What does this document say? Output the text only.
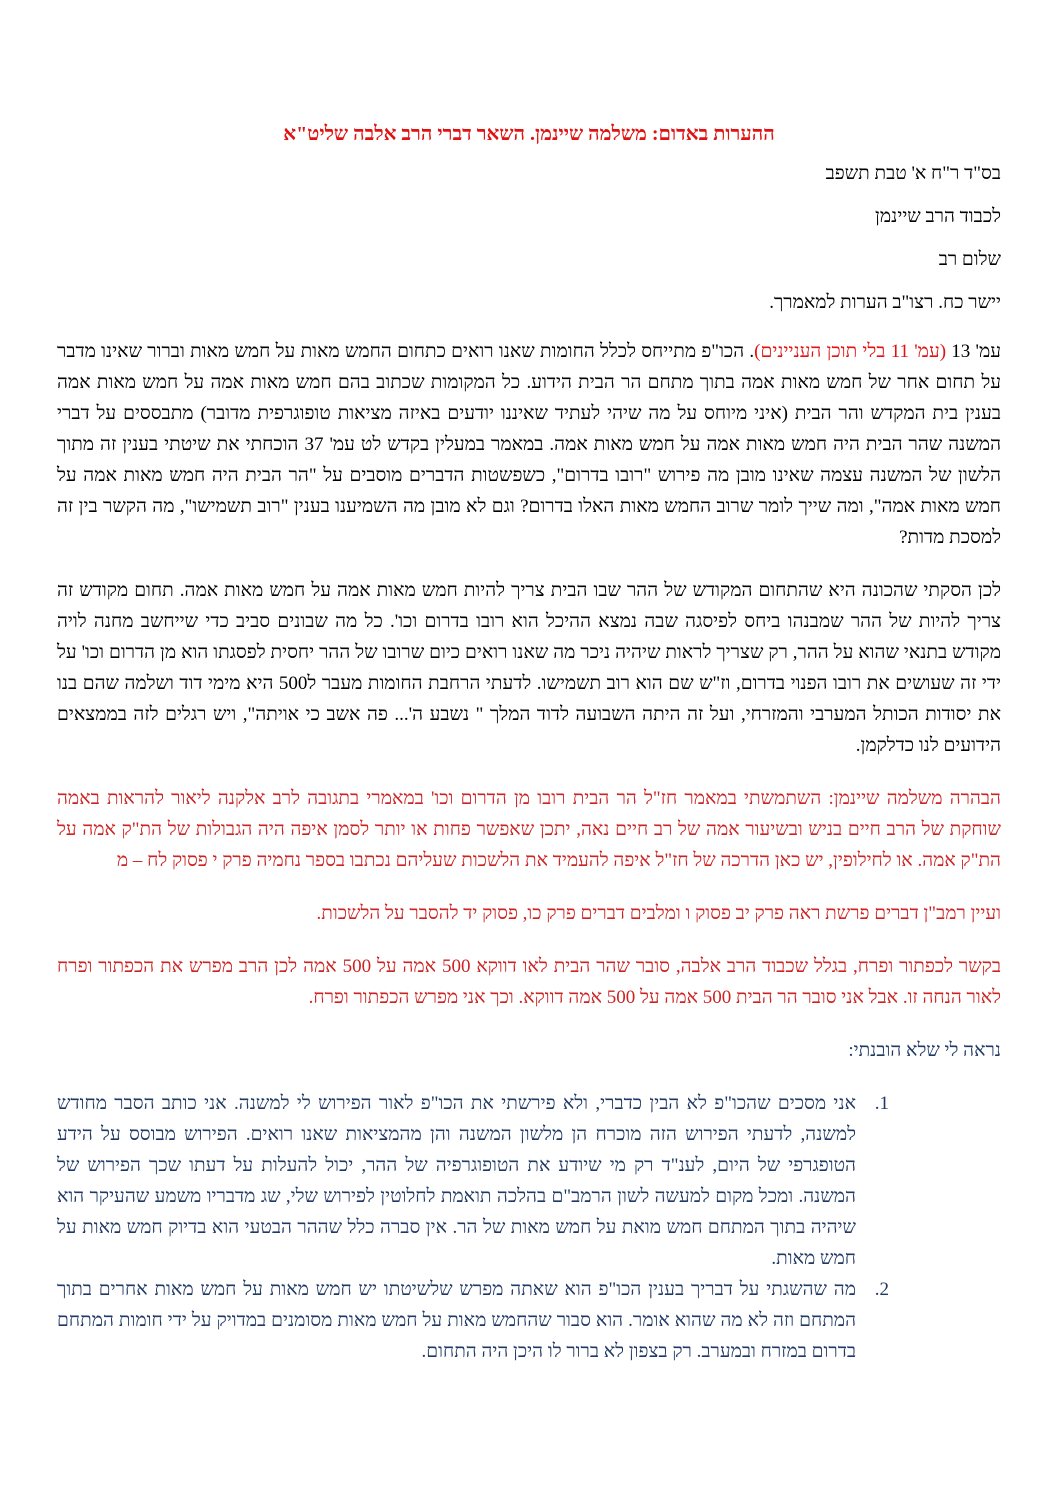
ההערות באדום: משלמה שיינמן. השאר דברי הרב אלבה שליט"א

בס"ד ר"ח א' טבת תשפב

לכבוד הרב שיינמן

שלום רב

יישר כח. רצו"ב הערות למאמרך.

עמ' 13 (עמ' 11 בלי תוכן העניינים). הכו"פ מתייחס לכלל החומות שאנו רואים כתחום החמש מאות על חמש מאות וברור שאינו מדבר על תחום אחר של חמש מאות אמה בתוך מתחם הר הבית הידוע. כל המקומות שכתוב בהם חמש מאות אמה על חמש מאות אמה בענין בית המקדש והר הבית (איני מיוחס על מה שיהי לעתיד שאיננו יודעים באיזה מציאות טופוגרפית מדובר) מתבססים על דברי המשנה שהר הבית היה חמש מאות אמה על חמש מאות אמה. במאמר במעלין בקדש לט עמ' 37 הוכחתי את שיטתי בענין זה מתוך הלשון של המשנה עצמה שאינו מובן מה פירוש "רובו בדרום", כשפשטות הדברים מוסבים על "הר הבית היה חמש מאות אמה על חמש מאות אמה", ומה שייך לומר שרוב החמש מאות האלו בדרום? וגם לא מובן מה השמיענו בענין "רוב תשמישו", מה הקשר בין זה למסכת מדות?

לכן הסקתי שהכונה היא שהתחום המקודש של ההר שבו הבית צריך להיות חמש מאות אמה על חמש מאות אמה. תחום מקודש זה צריך להיות של ההר שמבנהו ביחס לפיסגה שבה נמצא ההיכל הוא רובו בדרום וכו'. כל מה שבונים סביב כדי שייחשב מחנה לויה מקודש בתנאי שהוא על ההר, רק שצריך לראות שיהיה ניכר מה שאנו רואים כיום שרובו של ההר יחסית לפסגתו הוא מן הדרום וכו' על ידי זה שעושים את רובו הפנוי בדרום, וז"ש שם הוא רוב תשמישו. לדעתי הרחבת החומות מעבר ל500 היא מימי דוד ושלמה שהם בנו את יסודות הכותל המערבי והמזרחי, ועל זה היתה השבועה לדוד המלך " נשבע ה'... פה אשב כי אויתה", ויש רגלים לזה בממצאים הידועים לנו כדלקמן.

הבהרה משלמה שיינמן: השתמשתי במאמר חז"ל הר הבית רובו מן הדרום וכו' במאמרי בתגובה לרב אלקנה ליאור להראות באמה שוחקת של הרב חיים בניש ובשיעור אמה של רב חיים נאה, יתכן שאפשר פחות או יותר לסמן איפה היה הגבולות של הת"ק אמה על הת"ק אמה. או לחילופין, יש כאן הדרכה של חז"ל איפה להעמיד את הלשכות שעליהם נכתבו בספר נחמיה פרק י פסוק לח – מ

ועיין רמב"ן דברים פרשת ראה פרק יב פסוק ו ומלבים דברים פרק כו, פסוק יד להסבר על הלשכות.

בקשר לכפתור ופרח, בגלל שכבוד הרב אלבה, סובר שהר הבית לאו דווקא 500 אמה על 500 אמה לכן הרב מפרש את הכפתור ופרח לאור הנחה זו. אבל אני סובר הר הבית 500 אמה על 500 אמה דווקא. וכך אני מפרש הכפתור ופרח.

נראה לי שלא הובנתי:

1.
אני מסכים שהכו"פ לא הבין כדברי, ולא פירשתי את הכו"פ לאור הפירוש לי למשנה. אני כותב הסבר מחודש למשנה, לדעתי הפירוש הזה מוכרח הן מלשון המשנה והן מהמציאות שאנו רואים. הפירוש מבוסס על הידע הטופגרפי של היום, לענ"ד רק מי שיודע את הטופוגרפיה של ההר, יכול להעלות על דעתו שכך הפירוש של המשנה. ומכל מקום למעשה לשון הרמב"ם בהלכה תואמת לחלוטין לפירוש שלי, שג מדבריו משמע שהעיקר הוא שיהיה בתוך המתחם חמש מואת על חמש מאות של הר. אין סברה כלל שההר הבטעי הוא בדיוק חמש מאות על חמש מאות.
2.
מה שהשגתי על דבריך בענין הכו"פ הוא שאתה מפרש שלשיטתו יש חמש מאות על חמש מאות אחרים בתוך המתחם וזה לא מה שהוא אומר. הוא סבור שהחמש מאות על חמש מאות מסומנים במדויק על ידי חומות המתחם בדרום במזרח ובמערב. רק בצפון לא ברור לו היכן היה התחום.
